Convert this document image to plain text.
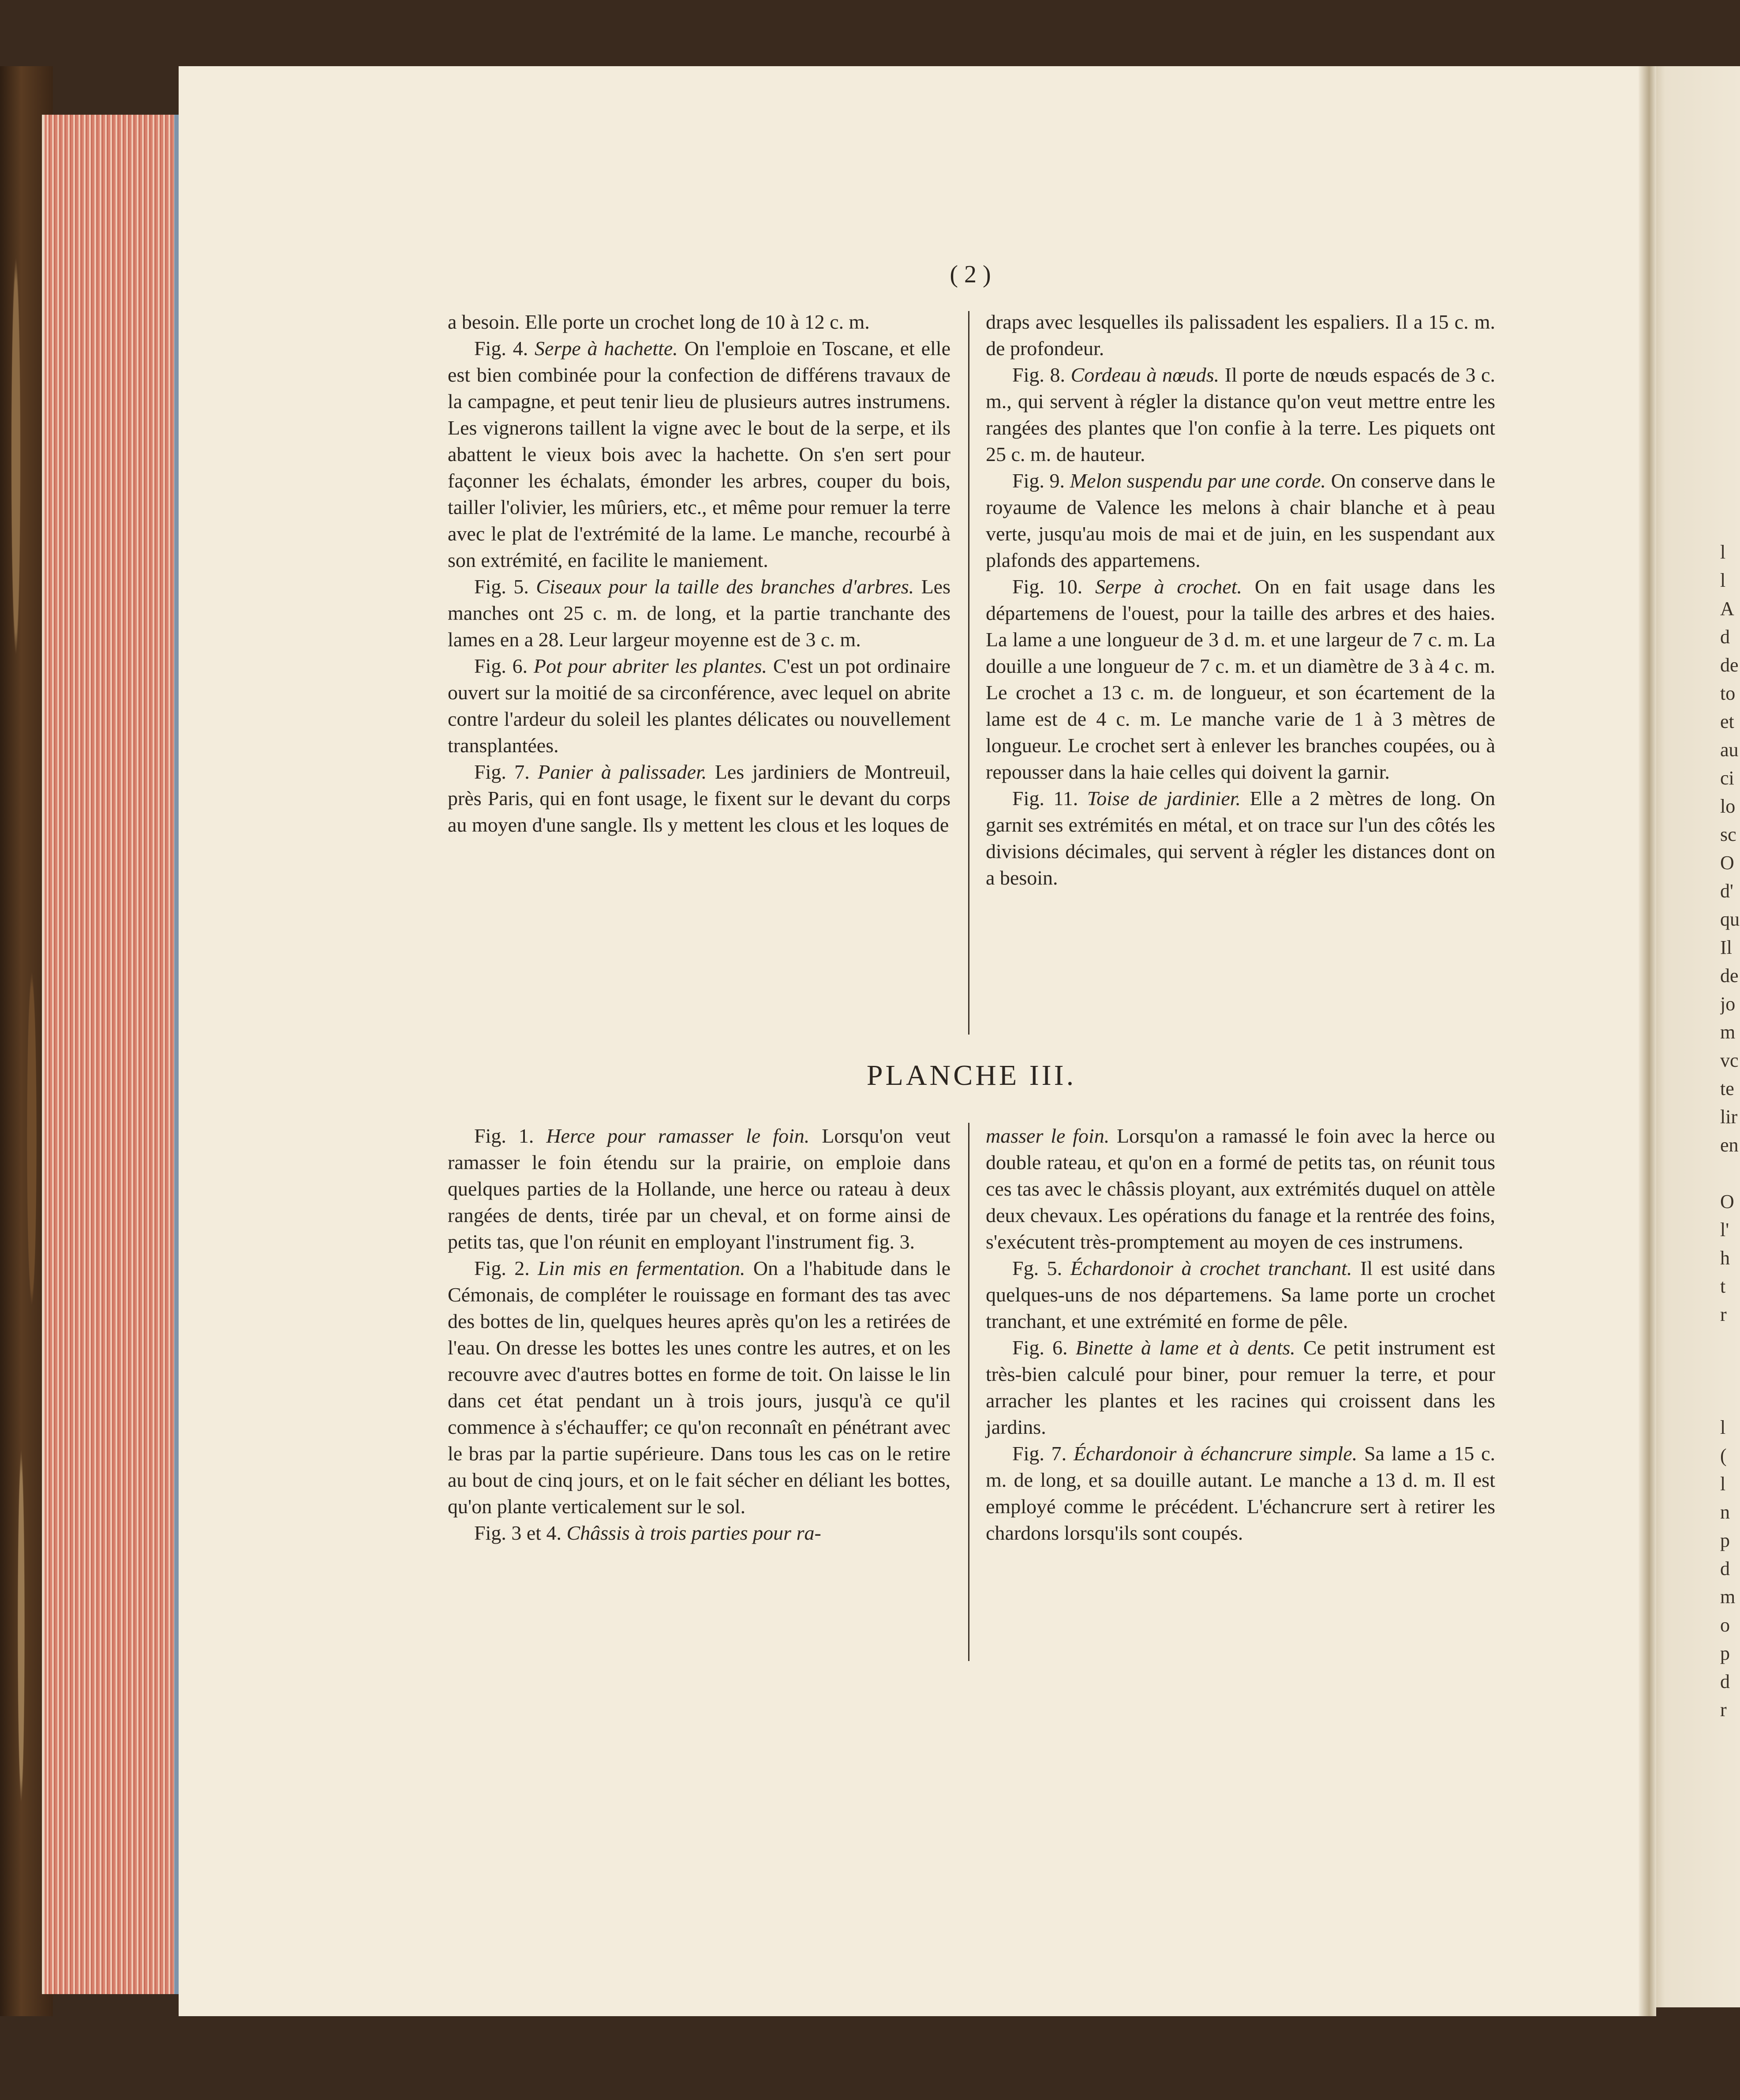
l
l
A
d
de
to
et
au
ci
lo
sc
O
d'
qu
Il
de
jo
m
vc
te
lir
en
O
l'
h
t
r
l
(
l
n
p
d
m
o
p
d
r
( 2 )

a besoin. Elle porte un crochet long de 10 à 12 c. m.

Fig. 4. Serpe à hachette. On l'emploie en Toscane, et elle est bien combinée pour la confection de différens travaux de la campagne, et peut tenir lieu de plusieurs autres instrumens. Les vignerons taillent la vigne avec le bout de la serpe, et ils abattent le vieux bois avec la hachette. On s'en sert pour façonner les échalats, émonder les arbres, couper du bois, tailler l'olivier, les mûriers, etc., et même pour remuer la terre avec le plat de l'extrémité de la lame. Le manche, recourbé à son extrémité, en facilite le maniement.

Fig. 5. Ciseaux pour la taille des branches d'arbres. Les manches ont 25 c. m. de long, et la partie tranchante des lames en a 28. Leur largeur moyenne est de 3 c. m.

Fig. 6. Pot pour abriter les plantes. C'est un pot ordinaire ouvert sur la moitié de sa circonférence, avec lequel on abrite contre l'ardeur du soleil les plantes délicates ou nouvellement transplantées.

Fig. 7. Panier à palissader. Les jardiniers de Montreuil, près Paris, qui en font usage, le fixent sur le devant du corps au moyen d'une sangle. Ils y mettent les clous et les loques de

draps avec lesquelles ils palissadent les espaliers. Il a 15 c. m. de profondeur.

Fig. 8. Cordeau à nœuds. Il porte de nœuds espacés de 3 c. m., qui servent à régler la distance qu'on veut mettre entre les rangées des plantes que l'on confie à la terre. Les piquets ont 25 c. m. de hauteur.

Fig. 9. Melon suspendu par une corde. On conserve dans le royaume de Valence les melons à chair blanche et à peau verte, jusqu'au mois de mai et de juin, en les suspendant aux plafonds des appartemens.

Fig. 10. Serpe à crochet. On en fait usage dans les départemens de l'ouest, pour la taille des arbres et des haies. La lame a une longueur de 3 d. m. et une largeur de 7 c. m. La douille a une longueur de 7 c. m. et un diamètre de 3 à 4 c. m. Le crochet a 13 c. m. de longueur, et son écartement de la lame est de 4 c. m. Le manche varie de 1 à 3 mètres de longueur. Le crochet sert à enlever les branches coupées, ou à repousser dans la haie celles qui doivent la garnir.

Fig. 11. Toise de jardinier. Elle a 2 mètres de long. On garnit ses extrémités en métal, et on trace sur l'un des côtés les divisions décimales, qui servent à régler les distances dont on a besoin.

PLANCHE III.

Fig. 1. Herce pour ramasser le foin. Lorsqu'on veut ramasser le foin étendu sur la prairie, on emploie dans quelques parties de la Hollande, une herce ou rateau à deux rangées de dents, tirée par un cheval, et on forme ainsi de petits tas, que l'on réunit en employant l'instrument fig. 3.

Fig. 2. Lin mis en fermentation. On a l'habitude dans le Cémonais, de compléter le rouissage en formant des tas avec des bottes de lin, quelques heures après qu'on les a retirées de l'eau. On dresse les bottes les unes contre les autres, et on les recouvre avec d'autres bottes en forme de toit. On laisse le lin dans cet état pendant un à trois jours, jusqu'à ce qu'il commence à s'échauffer; ce qu'on reconnaît en pénétrant avec le bras par la partie supérieure. Dans tous les cas on le retire au bout de cinq jours, et on le fait sécher en déliant les bottes, qu'on plante verticalement sur le sol.

Fig. 3 et 4. Châssis à trois parties pour ra-

masser le foin. Lorsqu'on a ramassé le foin avec la herce ou double rateau, et qu'on en a formé de petits tas, on réunit tous ces tas avec le châssis ployant, aux extrémités duquel on attèle deux chevaux. Les opérations du fanage et la rentrée des foins, s'exécutent très-promptement au moyen de ces instrumens.

Fg. 5. Échardonoir à crochet tranchant. Il est usité dans quelques-uns de nos départemens. Sa lame porte un crochet tranchant, et une extrémité en forme de pêle.

Fig. 6. Binette à lame et à dents. Ce petit instrument est très-bien calculé pour biner, pour remuer la terre, et pour arracher les plantes et les racines qui croissent dans les jardins.

Fig. 7. Échardonoir à échancrure simple. Sa lame a 15 c. m. de long, et sa douille autant. Le manche a 13 d. m. Il est employé comme le précédent. L'échancrure sert à retirer les chardons lorsqu'ils sont coupés.
